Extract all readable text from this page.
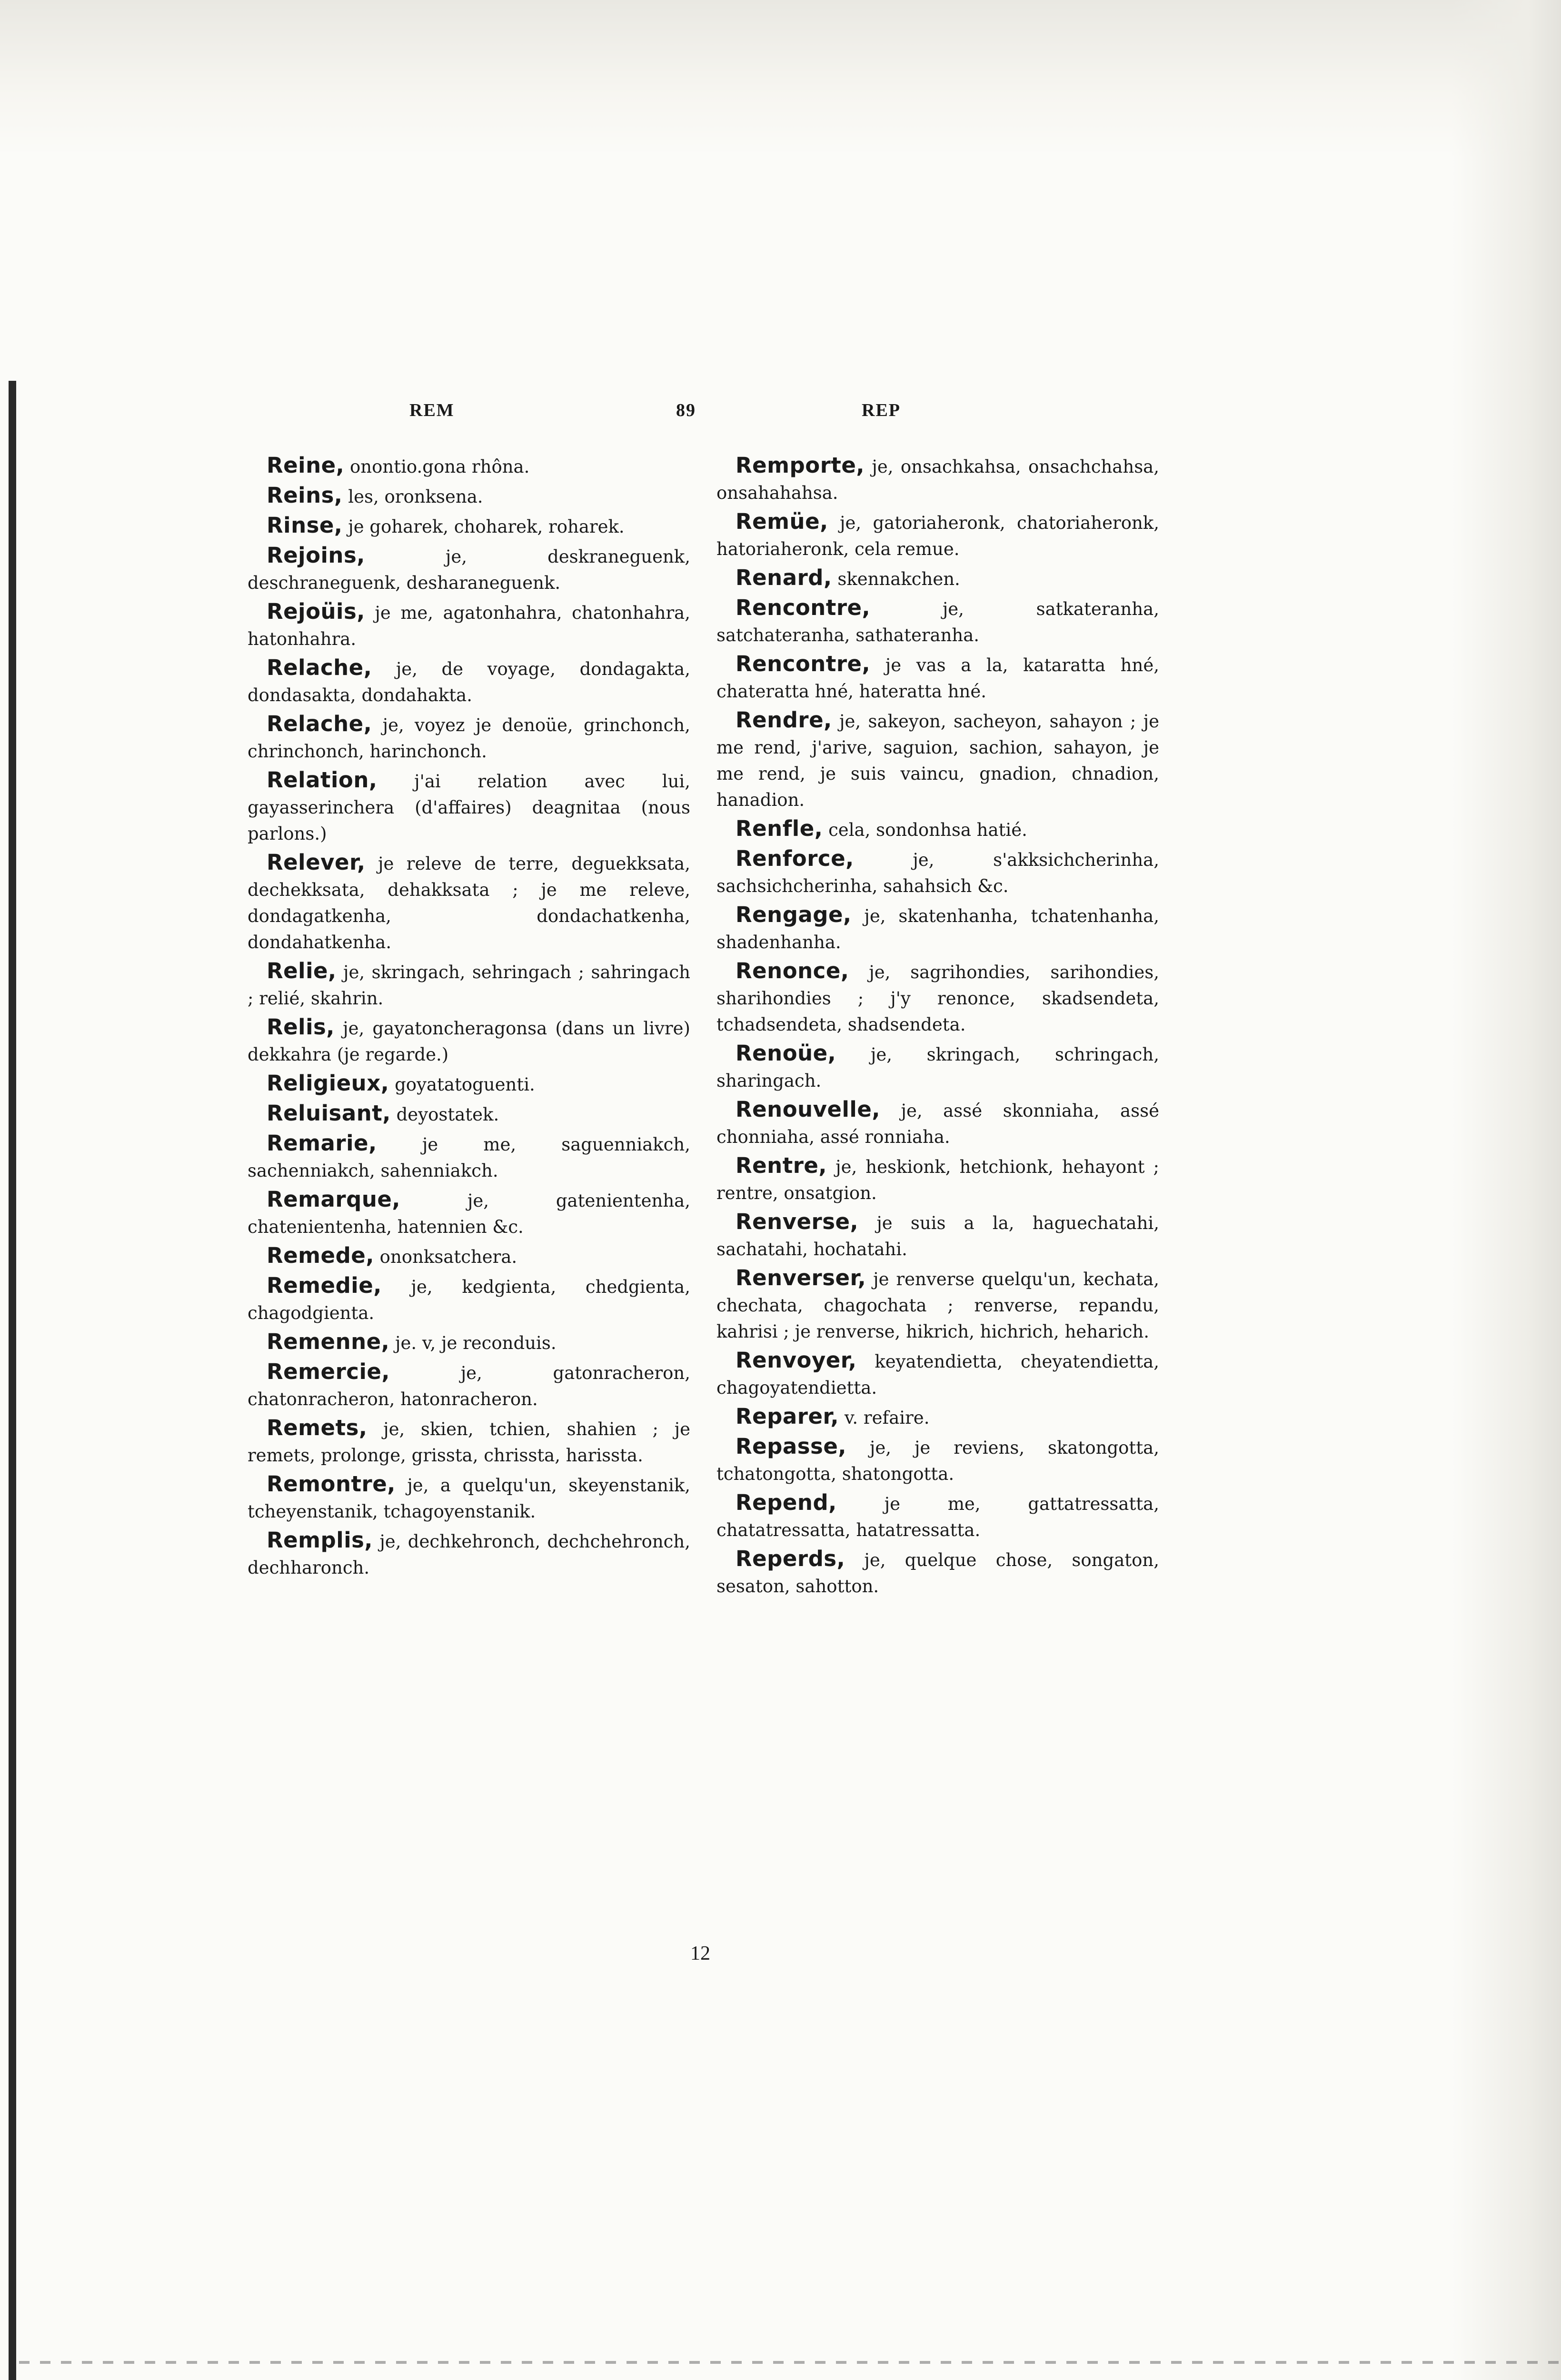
REM	89	REP

Reine, onontio.gona rhôna.

Reins, les, oronksena.

Rinse, je goharek, choharek, roharek.

Rejoins, je, deskraneguenk, deschraneguenk, desharaneguenk.

Rejoüis, je me, agatonhahra, chatonhahra, hatonhahra.

Relache, je, de voyage, dondagakta, dondasakta, dondahakta.

Relache, je, voyez je denoüe, grinchonch, chrinchonch, harinchonch.

Relation, j'ai relation avec lui, gayasserinchera (d'affaires) deagnitaa (nous parlons.)

Relever, je releve de terre, deguekksata, dechekksata, dehakksata ; je me releve, dondagatkenha, dondachatkenha, dondahatkenha.

Relie, je, skringach, sehringach ; sahringach ; relié, skahrin.

Relis, je, gayatoncheragonsa (dans un livre) dekkahra (je regarde.)

Religieux, goyatatoguenti.

Reluisant, deyostatek.

Remarie, je me, saguenniakch, sachenniakch, sahenniakch.

Remarque, je, gatenientenha, chatenientenha, hatennien &c.

Remede, ononksatchera.

Remedie, je, kedgienta, chedgienta, chagodgienta.

Remenne, je. v, je reconduis.

Remercie, je, gatonracheron, chatonracheron, hatonracheron.

Remets, je, skien, tchien, shahien ; je remets, prolonge, grissta, chrissta, harissta.

Remontre, je, a quelqu'un, skeyenstanik, tcheyenstanik, tchagoyenstanik.

Remplis, je, dechkehronch, dechchehronch, dechharonch.

Remporte, je, onsachkahsa, onsachchahsa, onsahahahsa.

Remüe, je, gatoriaheronk, chatoriaheronk, hatoriaheronk, cela remue.

Renard, skennakchen.

Rencontre, je, satkateranha, satchateranha, sathateranha.

Rencontre, je vas a la, kataratta hné, chateratta hné, hateratta hné.

Rendre, je, sakeyon, sacheyon, sahayon ; je me rend, j'arive, saguion, sachion, sahayon, je me rend, je suis vaincu, gnadion, chnadion, hanadion.

Renfle, cela, sondonhsa hatié.

Renforce, je, s'akksichcherinha, sachsichcherinha, sahahsich &c.

Rengage, je, skatenhanha, tchatenhanha, shadenhanha.

Renonce, je, sagrihondies, sarihondies, sharihondies ; j'y renonce, skadsendeta, tchadsendeta, shadsendeta.

Renoüe, je, skringach, schringach, sharingach.

Renouvelle, je, assé skonniaha, assé chonniaha, assé ronniaha.

Rentre, je, heskionk, hetchionk, hehayont ; rentre, onsatgion.

Renverse, je suis a la, haguechatahi, sachatahi, hochatahi.

Renverser, je renverse quelqu'un, kechata, chechata, chagochata ; renverse, repandu, kahrisi ; je renverse, hikrich, hichrich, heharich.

Renvoyer, keyatendietta, cheyatendietta, chagoyatendietta.

Reparer, v. refaire.

Repasse, je, je reviens, skatongotta, tchatongotta, shatongotta.

Repend, je me, gattatressatta, chatatressatta, hatatressatta.

Reperds, je, quelque chose, songaton, sesaton, sahotton.

12
